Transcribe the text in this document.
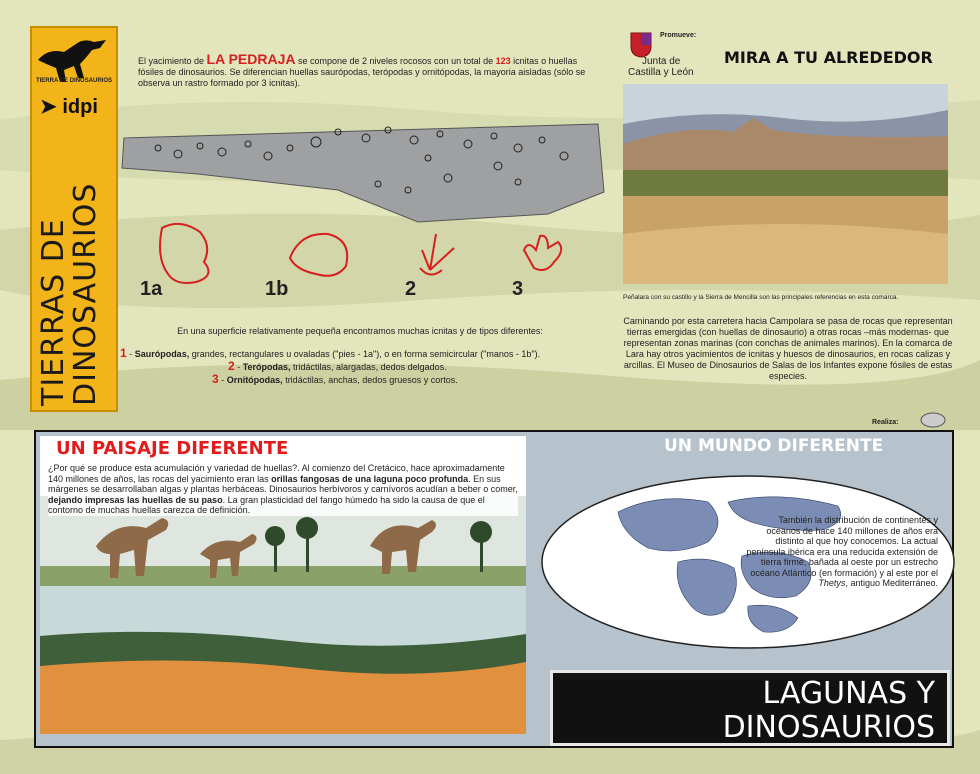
TIERRAS DE
DINOSAURIOS
TIERRA DE DINOSAURIOS
➤ idpi
El yacimiento de LA PEDRAJA se compone de 2 niveles rocosos con un total de 123 icnitas o huellas fósiles de dinosaurios. Se diferencian huellas saurópodas, terópodas y ornitópodas, la mayoria aisladas (sólo se observa un rastro formado por 3 icnitas).
1a	1b	2	3
En una superficie relativamente pequeña encontramos muchas icnitas y de tipos diferentes:
1 - Saurópodas, grandes, rectangulares u ovaladas ("pies - 1a"), o en forma semicircular ("manos - 1b").
2 - Terópodas, tridáctilas, alargadas, dedos delgados.
3 - Ornitópodas, tridáctilas, anchas, dedos gruesos y cortos.
Promueve:
Junta de
Castilla y León
MIRA A TU ALREDEDOR
Peñalara con su castillo y la Sierra de Mencilla son las principales referencias en esta comarca.
Caminando por esta carretera hacia Campolara se pasa de rocas que representan tierras emergidas (con huellas de dinosaurio) a otras rocas –más modernas- que representan zonas marinas (con conchas de animales marinos). En la comarca de Lara hay otros yacimientos de icnitas y huesos de dinosaurios, en rocas calizas y arcillas. El Museo de Dinosaurios de Salas de los Infantes expone fósiles de estas especies.
Realiza:
UN PAISAJE DIFERENTE
¿Por qué se produce esta acumulación y variedad de huellas?. Al comienzo del Cretácico, hace aproximadamente 140 millones de años, las rocas del yacimiento eran las orillas fangosas de una laguna poco profunda. En sus márgenes se desarrollaban algas y plantas herbáceas. Dinosaurios herbívoros y carnívoros acudían a beber o comer, dejando impresas las huellas de su paso. La gran plasticidad del fango húmedo ha sido la causa de que el contorno de muchas huellas carezca de definición.
UN MUNDO DIFERENTE
También la distribución de continentes y océanos de hace 140 millones de años era distinto al que hoy conocemos. La actual península ibérica era una reducida extensión de tierra firme, bañada al oeste por un estrecho océano Atlántico (en formación) y al este por el Thetys, antiguo Mediterráneo.
LAGUNAS Y
DINOSAURIOS
